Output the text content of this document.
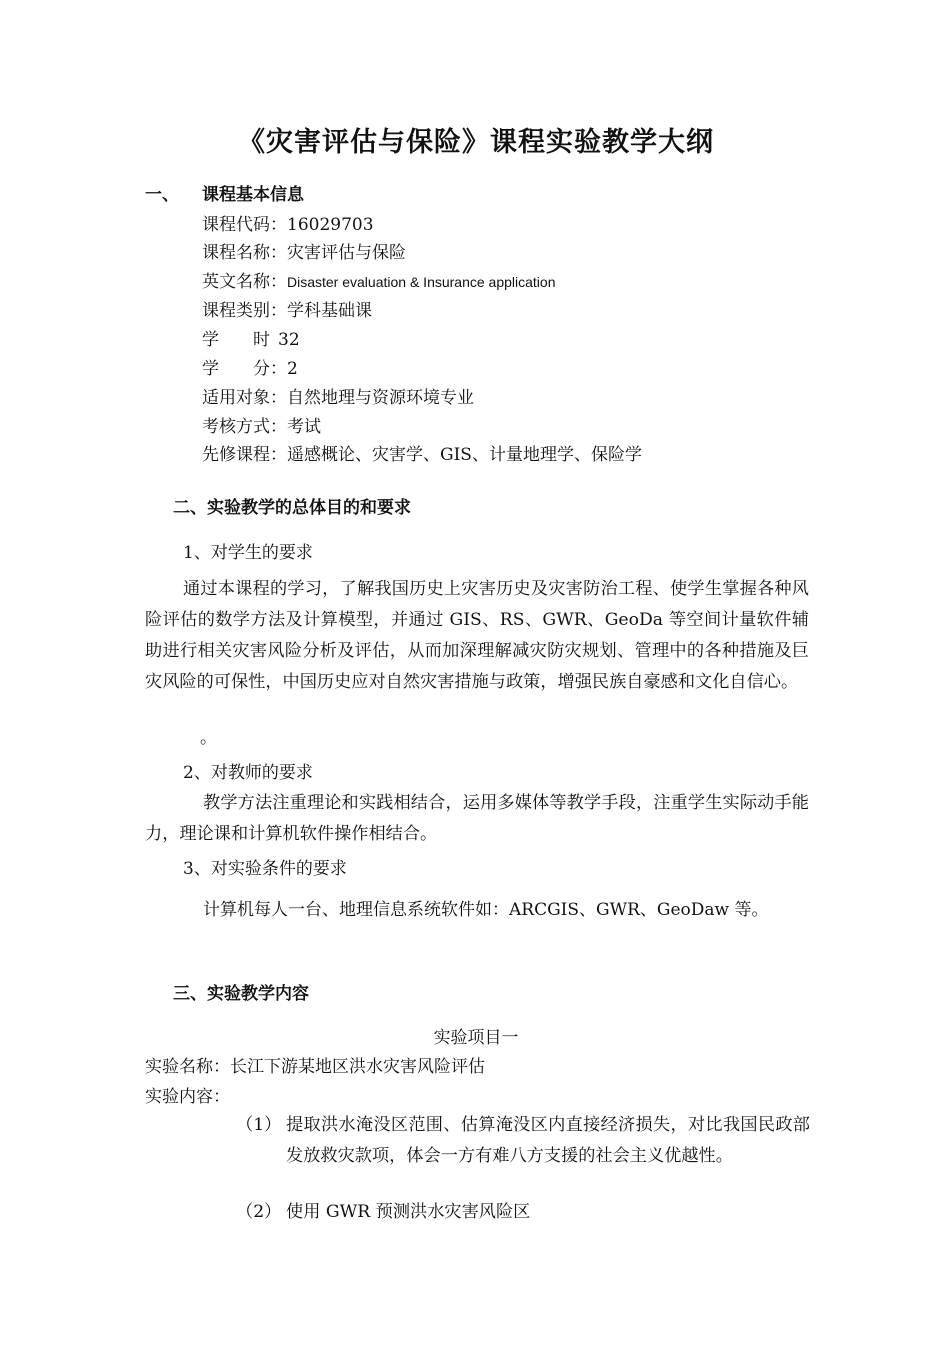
《灾害评估与保险》课程实验教学大纲
一、 课程基本信息
课程代码：16029703
课程名称：灾害评估与保险
英文名称：Disaster evaluation & Insurance application
课程类别：学科基础课
学　　时 32
学　　分：2
适用对象：自然地理与资源环境专业
考核方式：考试
先修课程：遥感概论、灾害学、GIS、计量地理学、保险学
二、实验教学的总体目的和要求
1、对学生的要求
通过本课程的学习，了解我国历史上灾害历史及灾害防治工程、使学生掌握各种风险评估的数学方法及计算模型，并通过 GIS、RS、GWR、GeoDa 等空间计量软件辅助进行相关灾害风险分析及评估，从而加深理解减灾防灾规划、管理中的各种措施及巨灾风险的可保性，中国历史应对自然灾害措施与政策，增强民族自豪感和文化自信心。
。
2、对教师的要求
教学方法注重理论和实践相结合，运用多媒体等教学手段，注重学生实际动手能力，理论课和计算机软件操作相结合。
3、对实验条件的要求
计算机每人一台、地理信息系统软件如：ARCGIS、GWR、GeoDaw 等。
三、实验教学内容
实验项目一
实验名称：长江下游某地区洪水灾害风险评估
实验内容：
（1） 提取洪水淹没区范围、估算淹没区内直接经济损失，对比我国民政部发放救灾款项，体会一方有难八方支援的社会主义优越性。
（2） 使用 GWR 预测洪水灾害风险区
